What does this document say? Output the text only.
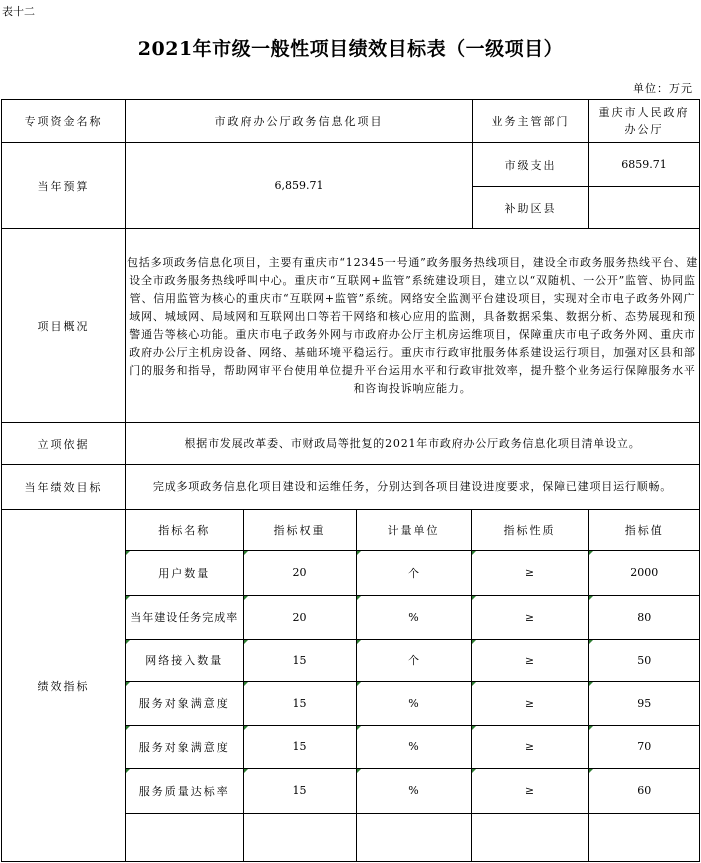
表十二
2021年市级一般性项目绩效目标表（一级项目）
单位：万元
专项资金名称	市政府办公厅政务信息化项目	业务主管部门	重庆市人民政府办公厅
当年预算	6,859.71	市级支出	6859.71
补助区县	
项目概况	包括多项政务信息化项目，主要有重庆市“12345一号通”政务服务热线项目，建设全市政务服务热线平台、建设全市政务服务热线呼叫中心。重庆市“互联网+监管”系统建设项目，建立以“双随机、一公开”监管、协同监管、信用监管为核心的重庆市“互联网+监管”系统。网络安全监测平台建设项目，实现对全市电子政务外网广域网、城域网、局域网和互联网出口等若干网络和核心应用的监测，具备数据采集、数据分析、态势展现和预警通告等核心功能。重庆市电子政务外网与市政府办公厅主机房运维项目，保障重庆市电子政务外网、重庆市政府办公厅主机房设备、网络、基础环境平稳运行。重庆市行政审批服务体系建设运行项目，加强对区县和部门的服务和指导，帮助网审平台使用单位提升平台运用水平和行政审批效率，提升整个业务运行保障服务水平和咨询投诉响应能力。
立项依据	根据市发展改革委、市财政局等批复的2021年市政府办公厅政务信息化项目清单设立。
当年绩效目标	完成多项政务信息化项目建设和运维任务，分别达到各项目建设进度要求，保障已建项目运行顺畅。
绩效指标	
指标名称	指标权重	计量单位	指标性质	指标值

用户数量	20	个	≥	2000

当年建设任务完成率	20	%	≥	80

网络接入数量	15	个	≥	50

服务对象满意度	15	%	≥	95

服务对象满意度	15	%	≥	70

服务质量达标率	15	%	≥	60
